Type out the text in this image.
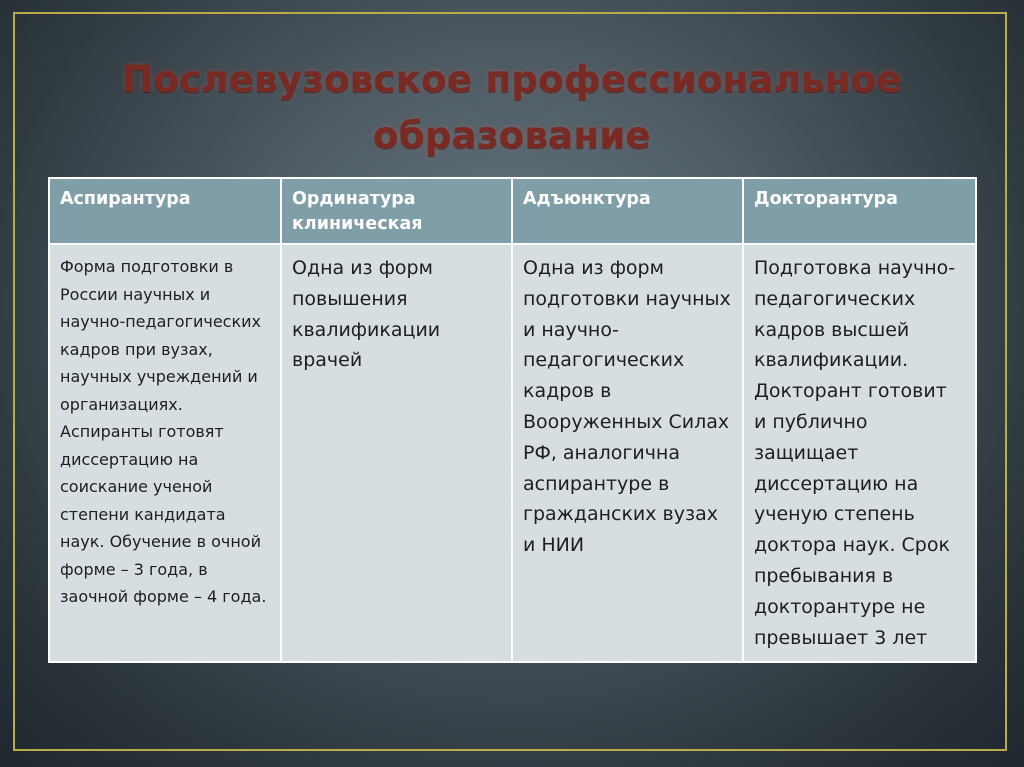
Послевузовское профессиональное
образование
Аспирантура	Ординатура клиническая	Адъюнктура	Докторантура
Форма подготовки в России научных и научно-педагогических кадров при вузах, научных учреждений и организациях. Аспиранты готовят диссертацию на соискание ученой степени кандидата наук. Обучение в очной форме – 3 года, в заочной форме – 4 года.	Одна из форм повышения квалификации врачей	Одна из форм подготовки научных и научно-педагогических кадров в Вооруженных Силах РФ, аналогична аспирантуре в гражданских вузах и НИИ	Подготовка научно-педагогических кадров высшей квалификации. Докторант готовит и публично защищает диссертацию на ученую степень доктора наук. Срок пребывания в докторантуре не превышает 3 лет
